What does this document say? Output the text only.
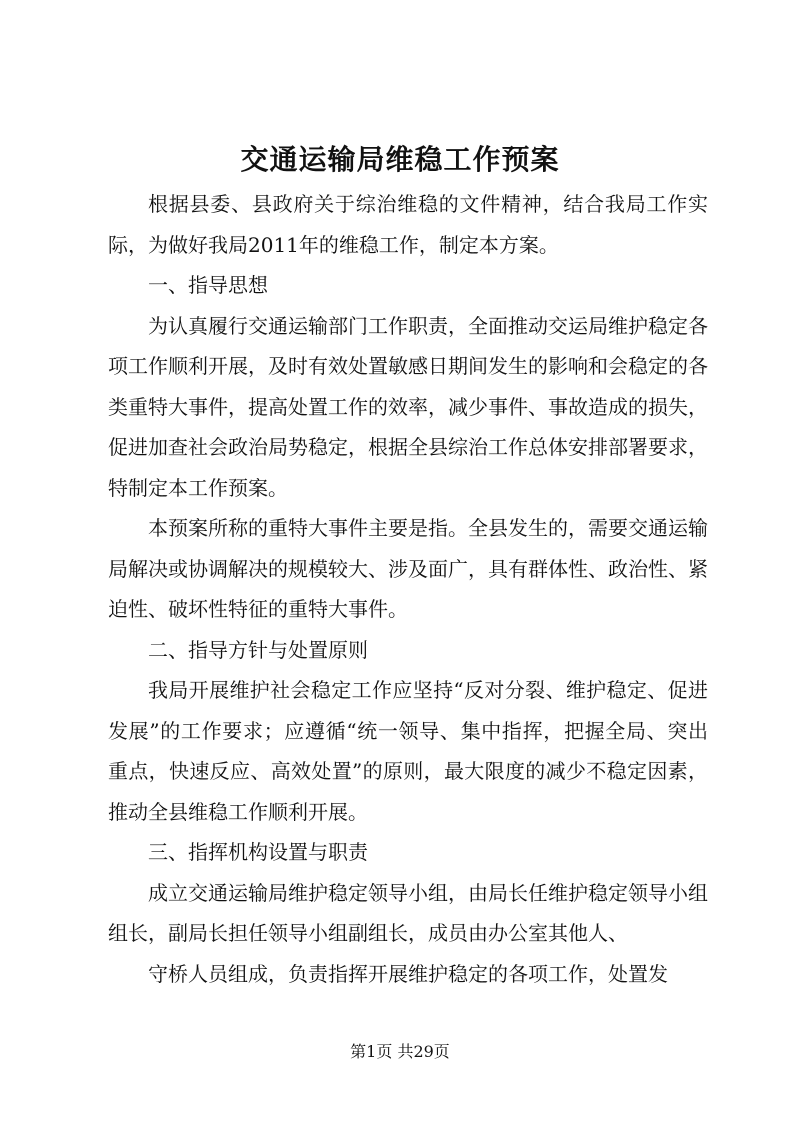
交通运输局维稳工作预案

根据县委、县政府关于综治维稳的文件精神，结合我局工作实际，为做好我局2011年的维稳工作，制定本方案。

一、指导思想

为认真履行交通运输部门工作职责，全面推动交运局维护稳定各项工作顺利开展，及时有效处置敏感日期间发生的影响和会稳定的各类重特大事件，提高处置工作的效率，减少事件、事故造成的损失，促进加查社会政治局势稳定，根据全县综治工作总体安排部署要求，特制定本工作预案。

本预案所称的重特大事件主要是指。全县发生的，需要交通运输局解决或协调解决的规模较大、涉及面广，具有群体性、政治性、紧迫性、破坏性特征的重特大事件。

二、指导方针与处置原则

我局开展维护社会稳定工作应坚持“反对分裂、维护稳定、促进发展”的工作要求；应遵循“统一领导、集中指挥，把握全局、突出重点，快速反应、高效处置”的原则，最大限度的减少不稳定因素，推动全县维稳工作顺利开展。

三、指挥机构设置与职责

成立交通运输局维护稳定领导小组，由局长任维护稳定领导小组组长，副局长担任领导小组副组长，成员由办公室其他人、

守桥人员组成，负责指挥开展维护稳定的各项工作，处置发

第1页 共29页
